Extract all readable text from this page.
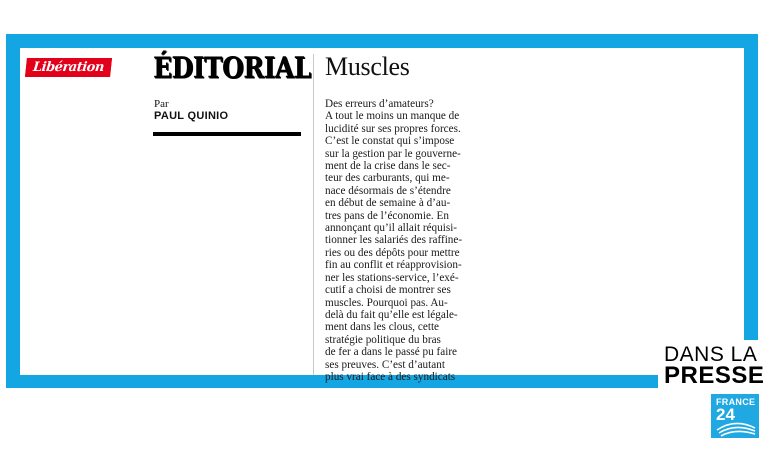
Libération ÉDITORIAL
Par
PAUL QUINIO
Muscles
Des erreurs d’amateurs?
A tout le moins un manque de
lucidité sur ses propres forces.
C’est le constat qui s’impose
sur la gestion par le gouverne-
ment de la crise dans le sec-
teur des carburants, qui me-
nace désormais de s’étendre
en début de semaine à d’au-
tres pans de l’économie. En
annonçant qu’il allait réquisi-
tionner les salariés des raffine-
ries ou des dépôts pour mettre
fin au conflit et réapprovision-
ner les stations-service, l’exé-
cutif a choisi de montrer ses
muscles. Pourquoi pas. Au-
delà du fait qu’elle est légale-
ment dans les clous, cette
stratégie politique du bras
de fer a dans le passé pu faire
ses preuves. C’est d’autant
plus vrai face à des syndicats
DANS LA
PRESSE
FRANCE
24
